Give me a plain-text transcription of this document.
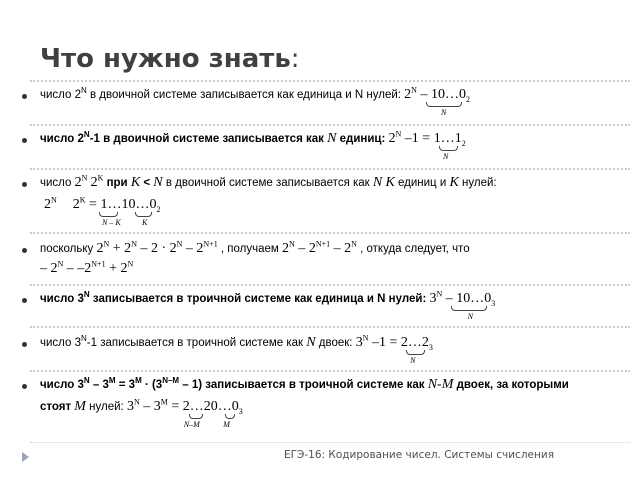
Что нужно знать:
число $2^N$ в двоичной системе записывается как единица и N нулей: $2^N$ – $10\dots 0_2$
N
число $2^N-1$ в двоичной системе записывается как N единиц: $2^N$ $-1 = 1\dots 1_2$
N
число $2^N$ $2^K$ при K < N в двоичной системе записывается как N K единиц и K нулей:
$2^N$ $2^K$ = $1\dots 10\dots 0_2$
N – K	K
поскольку $2^N + 2^N - 2 \cdot 2^N - 2^{N+1}$ , получаем $2^N - 2^{N+1} - 2^N$ , откуда следует, что
– $2^N - -2^{N+1} + 2^N$
число $3^N$ записывается в троичной системе как единица и N нулей: $3^N$ – $10\dots 0_3$
N
число $3^N-1$ записывается в троичной системе как N двоек: $3^N$ $-1 = 2\dots 2_3$
N
число $3^N - 3^M = 3^M \cdot (3^{N-M} - 1)$ записывается в троичной системе как N-M двоек, за которыми
стоят M нулей: $3^N - 3^M$ = $2\dots 20\dots 0_3$
N–M	M
ЕГЭ-16: Кодирование чисел. Системы счисления
